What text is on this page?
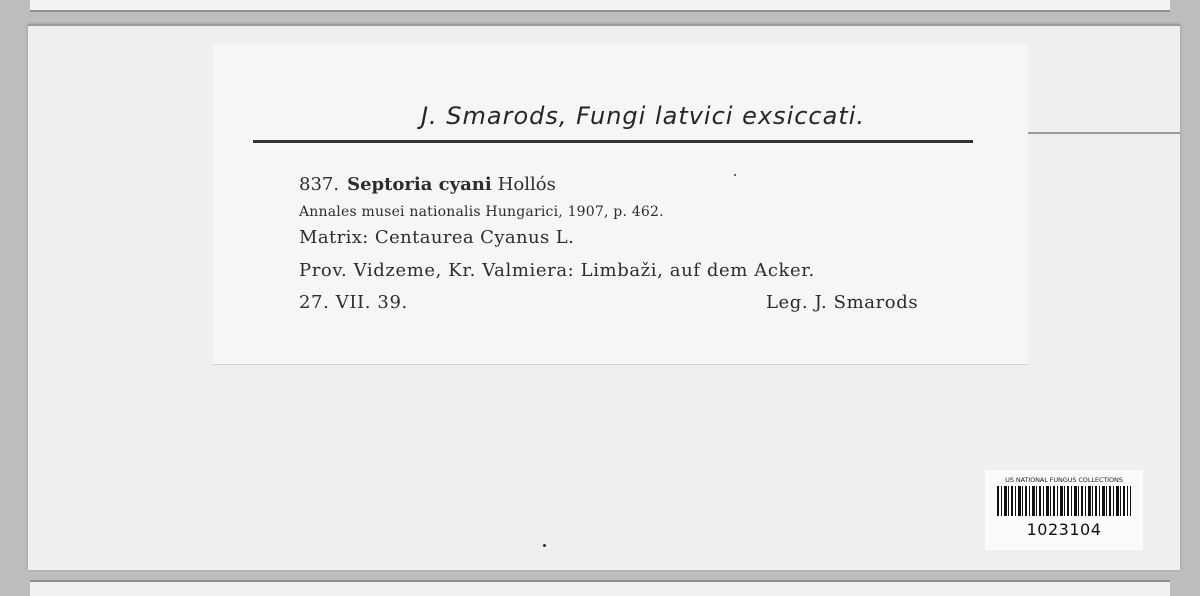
J. Smarods, Fungi latvici exsiccati.
837. Septoria cyani Hollós
Annales musei nationalis Hungarici, 1907, p. 462.
Matrix: Centaurea Cyanus L.
Prov. Vidzeme, Kr. Valmiera: Limbaži, auf dem Acker.
27. VII. 39.	Leg. J. Smarods
US NATIONAL FUNGUS COLLECTIONS
1023104
